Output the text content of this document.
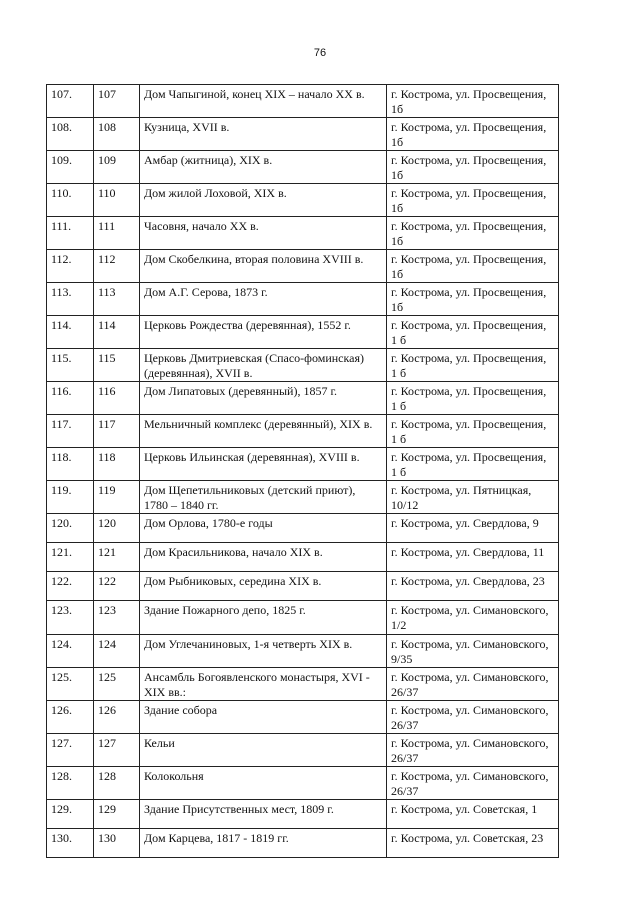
76
107.	107	Дом Чапыгиной, конец XIX – начало XX в.	г. Кострома, ул. Просвещения, 1б
108.	108	Кузница, XVII в.	г. Кострома, ул. Просвещения, 1б
109.	109	Амбар (житница), XIX в.	г. Кострома, ул. Просвещения, 1б
110.	110	Дом жилой Лоховой, XIX в.	г. Кострома, ул. Просвещения, 1б
111.	111	Часовня, начало XX в.	г. Кострома, ул. Просвещения, 1б
112.	112	Дом Скобелкина, вторая половина XVIII в.	г. Кострома, ул. Просвещения, 1б
113.	113	Дом А.Г. Серова, 1873 г.	г. Кострома, ул. Просвещения, 1б
114.	114	Церковь Рождества (деревянная), 1552 г.	г. Кострома, ул. Просвещения, 1 б
115.	115	Церковь Дмитриевская (Спасо-фоминская) (деревянная), XVII в.	г. Кострома, ул. Просвещения, 1 б
116.	116	Дом Липатовых (деревянный), 1857 г.	г. Кострома, ул. Просвещения, 1 б
117.	117	Мельничный комплекс (деревянный), XIX в.	г. Кострома, ул. Просвещения, 1 б
118.	118	Церковь Ильинская (деревянная), XVIII в.	г. Кострома, ул. Просвещения, 1 б
119.	119	Дом Щепетильниковых (детский приют), 1780 – 1840 гг.	г. Кострома, ул. Пятницкая, 10/12
120.	120	Дом Орлова, 1780-е годы	г. Кострома, ул. Свердлова, 9
121.	121	Дом Красильникова, начало XIX в.	г. Кострома, ул. Свердлова, 11
122.	122	Дом Рыбниковых, середина XIX в.	г. Кострома, ул. Свердлова, 23
123.	123	Здание Пожарного депо, 1825 г.	г. Кострома, ул. Симановского, 1/2
124.	124	Дом Углечаниновых, 1-я четверть XIX в.	г. Кострома, ул. Симановского, 9/35
125.	125	Ансамбль Богоявленского монастыря, XVI - XIX вв.:	г. Кострома, ул. Симановского, 26/37
126.	126	Здание собора	г. Кострома, ул. Симановского, 26/37
127.	127	Кельи	г. Кострома, ул. Симановского, 26/37
128.	128	Колокольня	г. Кострома, ул. Симановского, 26/37
129.	129	Здание Присутственных мест, 1809 г.	г. Кострома, ул. Советская, 1
130.	130	Дом Карцева, 1817 - 1819 гг.	г. Кострома, ул. Советская, 23
